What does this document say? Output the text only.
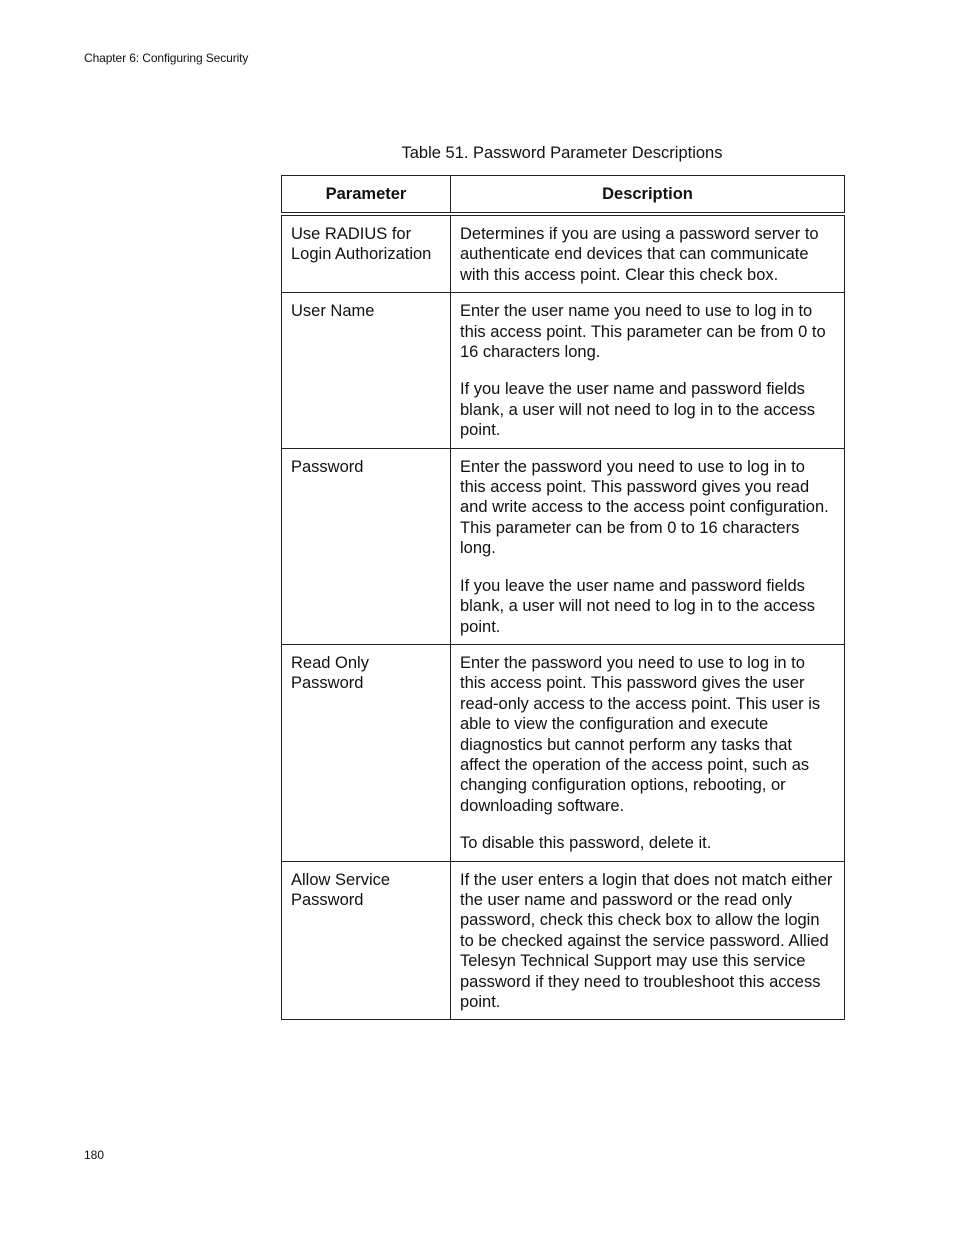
Chapter 6: Configuring Security
Table 51. Password Parameter Descriptions
Parameter	Description
Use RADIUS for Login Authorization	Determines if you are using a password server to authenticate end devices that can communicate with this access point. Clear this check box.

User Name	Enter the user name you need to use to log in to this access point. This parameter can be from 0 to 16 characters long.

If you leave the user name and password fields blank, a user will not need to log in to the access point.

Password	Enter the password you need to use to log in to this access point. This password gives you read and write access to the access point configuration. This parameter can be from 0 to 16 characters long.

If you leave the user name and password fields blank, a user will not need to log in to the access point.

Read Only Password	Enter the password you need to use to log in to this access point. This password gives the user read-only access to the access point. This user is able to view the configuration and execute diagnostics but cannot perform any tasks that affect the operation of the access point, such as changing configuration options, rebooting, or downloading software.

To disable this password, delete it.

Allow Service Password	If the user enters a login that does not match either the user name and password or the read only password, check this check box to allow the login to be checked against the service password. Allied Telesyn Technical Support may use this service password if they need to troubleshoot this access point.

180
